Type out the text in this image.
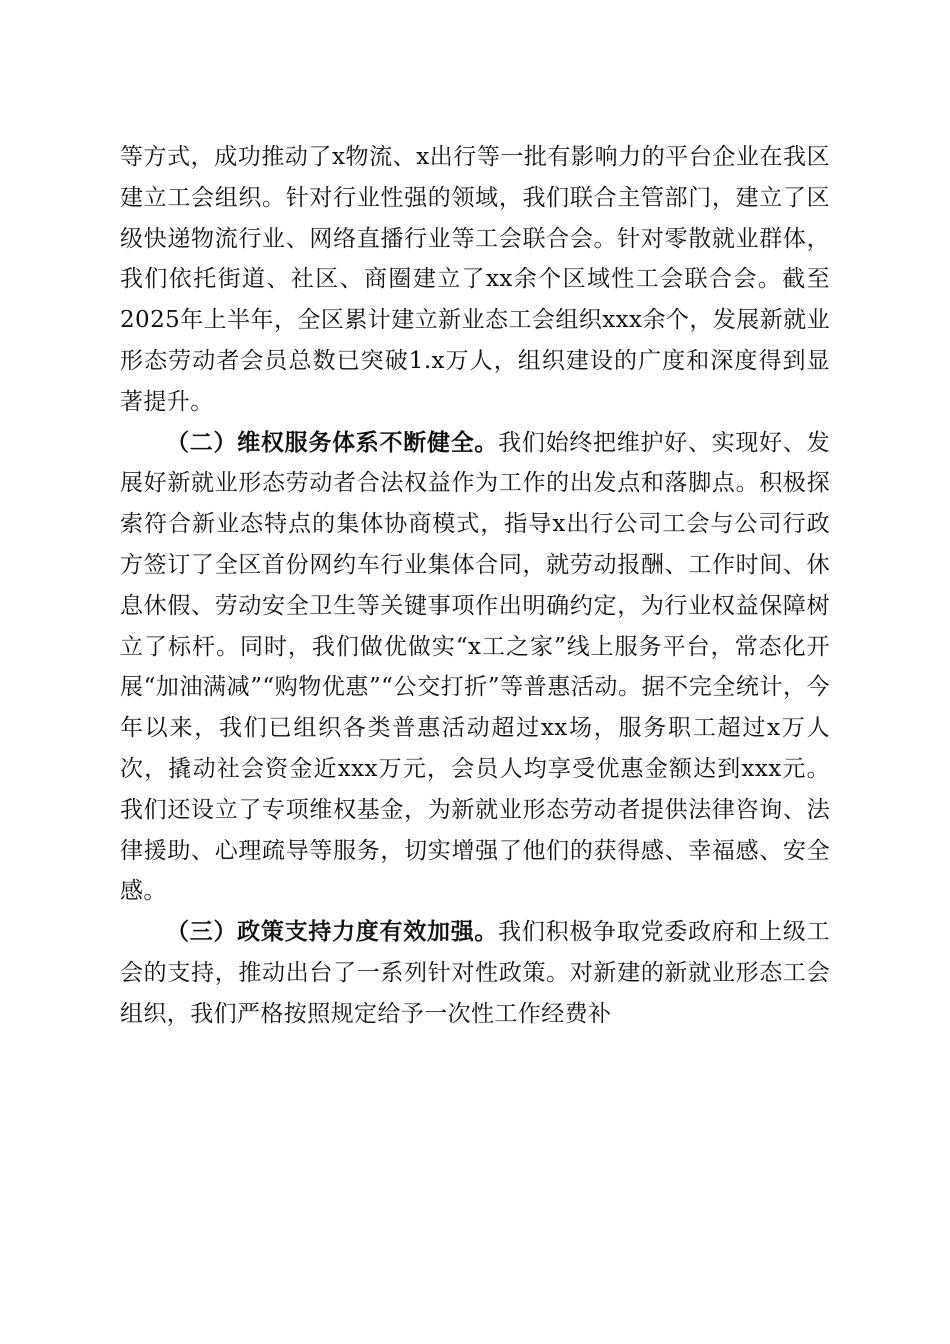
等方式，成功推动了x物流、x出行等一批有影响力的平台企业在我区建立工会组织。针对行业性强的领域，我们联合主管部门，建立了区级快递物流行业、网络直播行业等工会联合会。针对零散就业群体，我们依托街道、社区、商圈建立了xx余个区域性工会联合会。截至2025年上半年，全区累计建立新业态工会组织xxx余个，发展新就业形态劳动者会员总数已突破1.x万人，组织建设的广度和深度得到显著提升。

（二）维权服务体系不断健全。我们始终把维护好、实现好、发展好新就业形态劳动者合法权益作为工作的出发点和落脚点。积极探索符合新业态特点的集体协商模式，指导x出行公司工会与公司行政方签订了全区首份网约车行业集体合同，就劳动报酬、工作时间、休息休假、劳动安全卫生等关键事项作出明确约定，为行业权益保障树立了标杆。同时，我们做优做实“x工之家”线上服务平台，常态化开展“加油满减”“购物优惠”“公交打折”等普惠活动。据不完全统计，今年以来，我们已组织各类普惠活动超过xx场，服务职工超过x万人次，撬动社会资金近xxx万元，会员人均享受优惠金额达到xxx元。我们还设立了专项维权基金，为新就业形态劳动者提供法律咨询、法律援助、心理疏导等服务，切实增强了他们的获得感、幸福感、安全感。

（三）政策支持力度有效加强。我们积极争取党委政府和上级工会的支持，推动出台了一系列针对性政策。对新建的新就业形态工会组织，我们严格按照规定给予一次性工作经费补
